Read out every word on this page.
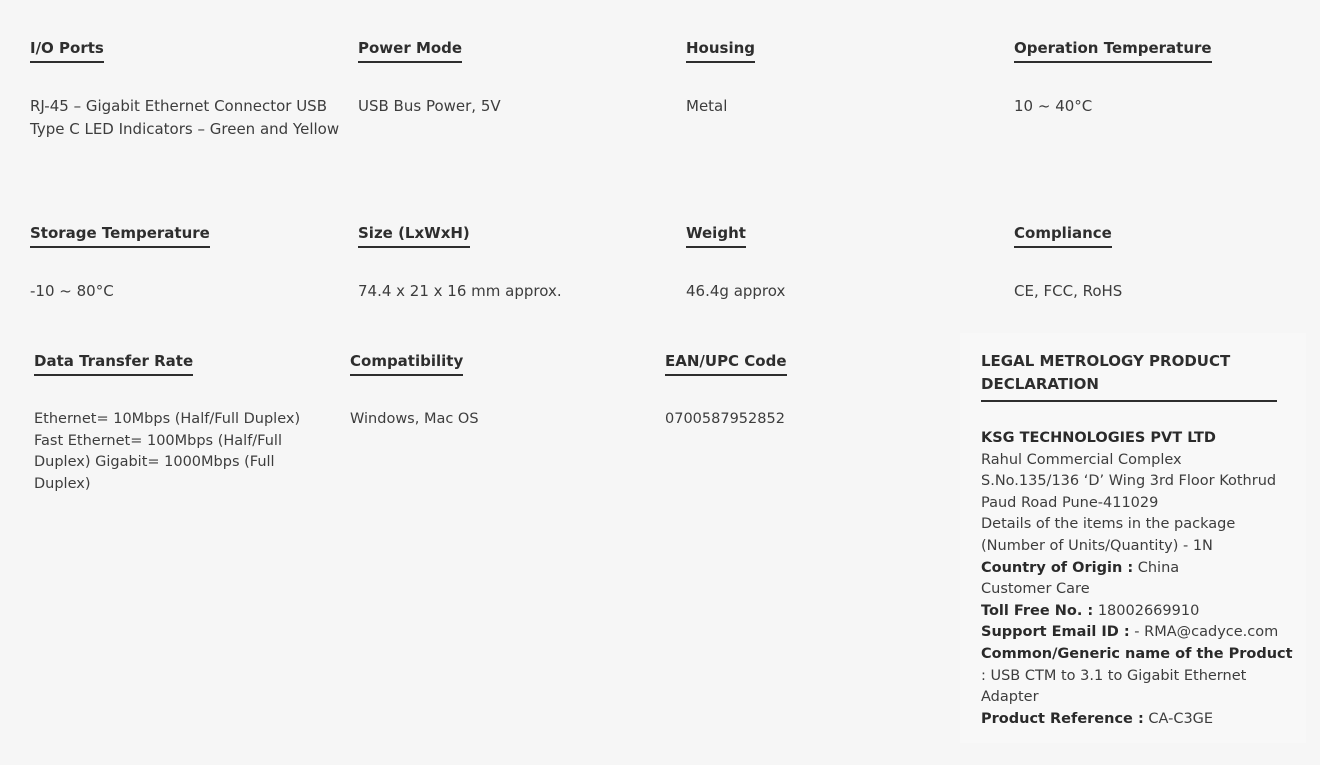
I/O Ports
RJ-45 – Gigabit Ethernet Connector USB Type C LED Indicators – Green and Yellow
Power Mode
USB Bus Power, 5V
Housing
Metal
Operation Temperature
10 ~ 40°C
Storage Temperature
-10 ~ 80°C
Size (LxWxH)
74.4 x 21 x 16 mm approx.
Weight
46.4g approx
Compliance
CE, FCC, RoHS
Data Transfer Rate
Ethernet= 10Mbps (Half/Full Duplex) Fast Ethernet= 100Mbps (Half/Full Duplex) Gigabit= 1000Mbps (Full Duplex)
Compatibility
Windows, Mac OS
EAN/UPC Code
0700587952852
LEGAL METROLOGY PRODUCT DECLARATION
KSG TECHNOLOGIES PVT LTD
Rahul Commercial Complex
S.No.135/136 ‘D’ Wing 3rd Floor Kothrud
Paud Road Pune-411029
Details of the items in the package
(Number of Units/Quantity) - 1N
Country of Origin : China
Customer Care
Toll Free No. : 18002669910
Support Email ID : - RMA@cadyce.com
Common/Generic name of the Product
: USB CTM to 3.1 to Gigabit Ethernet Adapter
Product Reference : CA-C3GE
